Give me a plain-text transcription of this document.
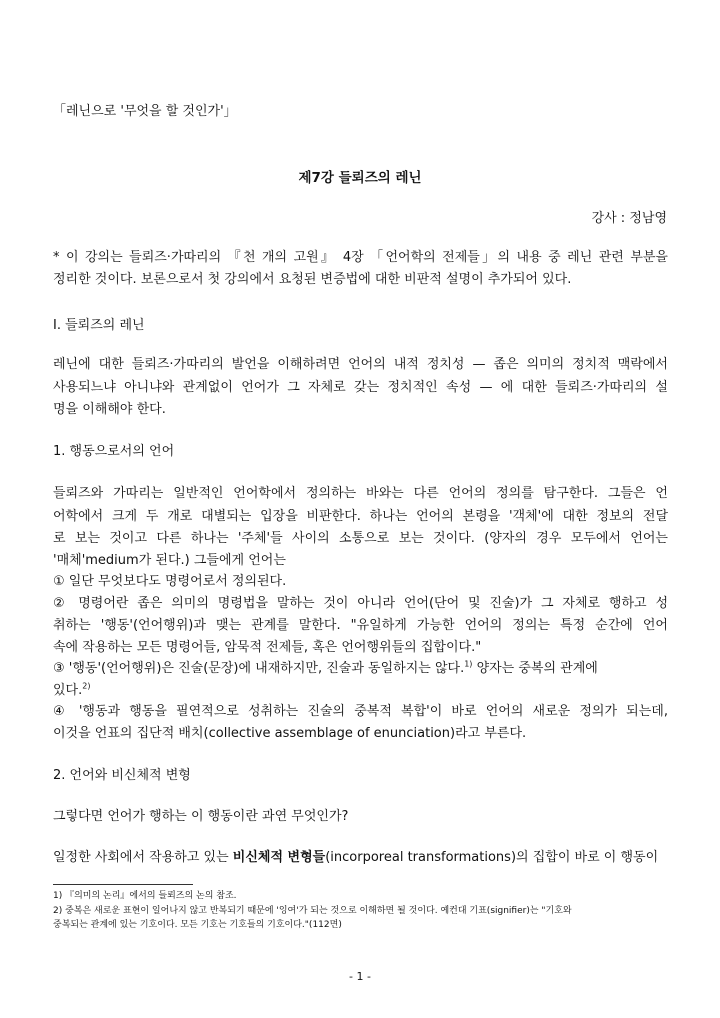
「레닌으로 '무엇을 할 것인가'」
제7강 들뢰즈의 레닌
강사 : 정남영
* 이 강의는 들뢰즈·가따리의 『천 개의 고원』 4장 「언어학의 전제들」의 내용 중 레닌 관련 부분을
정리한 것이다. 보론으로서 첫 강의에서 요청된 변증법에 대한 비판적 설명이 추가되어 있다.
I. 들뢰즈의 레닌
레닌에 대한 들뢰즈·가따리의 발언을 이해하려면 언어의 내적 정치성 — 좁은 의미의 정치적 맥락에서
사용되느냐 아니냐와 관계없이 언어가 그 자체로 갖는 정치적인 속성 — 에 대한 들뢰즈·가따리의 설
명을 이해해야 한다.
1. 행동으로서의 언어
들뢰즈와 가따리는 일반적인 언어학에서 정의하는 바와는 다른 언어의 정의를 탐구한다. 그들은 언
어학에서 크게 두 개로 대별되는 입장을 비판한다. 하나는 언어의 본령을 '객체'에 대한 정보의 전달
로 보는 것이고 다른 하나는 '주체'들 사이의 소통으로 보는 것이다. (양자의 경우 모두에서 언어는
'매체'medium가 된다.) 그들에게 언어는
① 일단 무엇보다도 명령어로서 정의된다.
② 명령어란 좁은 의미의 명령법을 말하는 것이 아니라 언어(단어 및 진술)가 그 자체로 행하고 성
취하는 '행동'(언어행위)과 맺는 관계를 말한다. "유일하게 가능한 언어의 정의는 특정 순간에 언어
속에 작용하는 모든 명령어들, 암묵적 전제들, 혹은 언어행위들의 집합이다."
③ '행동'(언어행위)은 진술(문장)에 내재하지만, 진술과 동일하지는 않다.$^{1)}$ 양자는 중복의 관계에
있다.$^{2)}$
④ '행동과 행동을 필연적으로 성취하는 진술의 중복적 복합'이 바로 언어의 새로운 정의가 되는데,
이것을 언표의 집단적 배치(collective assemblage of enunciation)라고 부른다.
2. 언어와 비신체적 변형
그렇다면 언어가 행하는 이 행동이란 과연 무엇인가?
일정한 사회에서 작용하고 있는 비신체적 변형들(incorporeal transformations)의 집합이 바로 이 행동이
1) 『의미의 논리』에서의 들뢰즈의 논의 참조.
2) 중복은 새로운 표현이 일어나지 않고 반복되기 때문에 '잉여'가 되는 것으로 이해하면 될 것이다. 예컨대 기표(signifier)는 "기호와
중복되는 관계에 있는 기호이다. 모든 기호는 기호들의 기호이다."(112면)
- 1 -
